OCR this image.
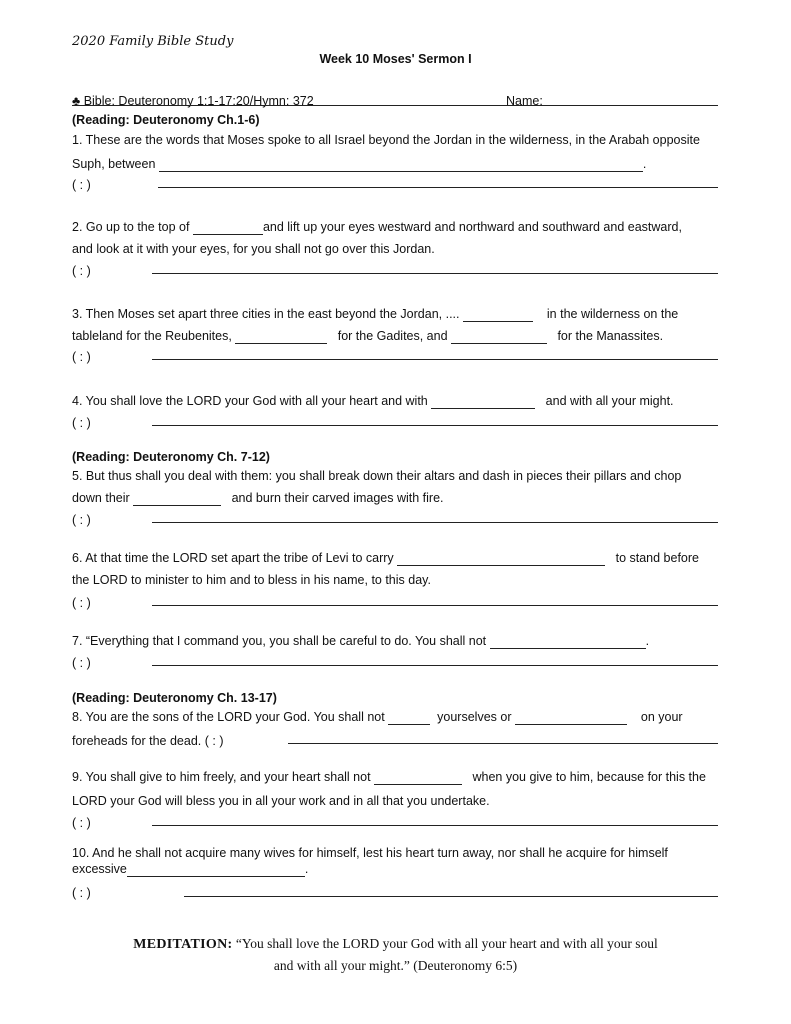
2020 Family Bible Study
Week 10 Moses' Sermon I
♣ Bible: Deuteronomy 1:1-17:20/Hymn: 372	Name:
(Reading: Deuteronomy Ch.1-6)
1. These are the words that Moses spoke to all Israel beyond the Jordan in the wilderness, in the Arabah opposite
Suph, between	.
( : )
2. Go up to the top of	and lift up your eyes westward and northward and southward and eastward,
and look at it with your eyes, for you shall not go over this Jordan.
( : )
3. Then Moses set apart three cities in the east beyond the Jordan, ....	in the wilderness on the
tableland for the Reubenites,	for the Gadites, and	for the Manassites.
( : )
4. You shall love the LORD your God with all your heart and with	and with all your might.
( : )
(Reading: Deuteronomy Ch. 7-12)
5. But thus shall you deal with them: you shall break down their altars and dash in pieces their pillars and chop
down their	and burn their carved images with fire.
( : )
6. At that time the LORD set apart the tribe of Levi to carry	to stand before
the LORD to minister to him and to bless in his name, to this day.
( : )
7. “Everything that I command you, you shall be careful to do. You shall not	.
( : )
(Reading: Deuteronomy Ch. 13-17)
8. You are the sons of the LORD your God. You shall not	yourselves or	on your
foreheads for the dead. ( : )
9. You shall give to him freely, and your heart shall not	when you give to him, because for this the
LORD your God will bless you in all your work and in all that you undertake.
( : )
10. And he shall not acquire many wives for himself, lest his heart turn away, nor shall he acquire for himself
excessive	.
( : )
MEDITATION: “You shall love the LORD your God with all your heart and with all your soul
and with all your might.” (Deuteronomy 6:5)
